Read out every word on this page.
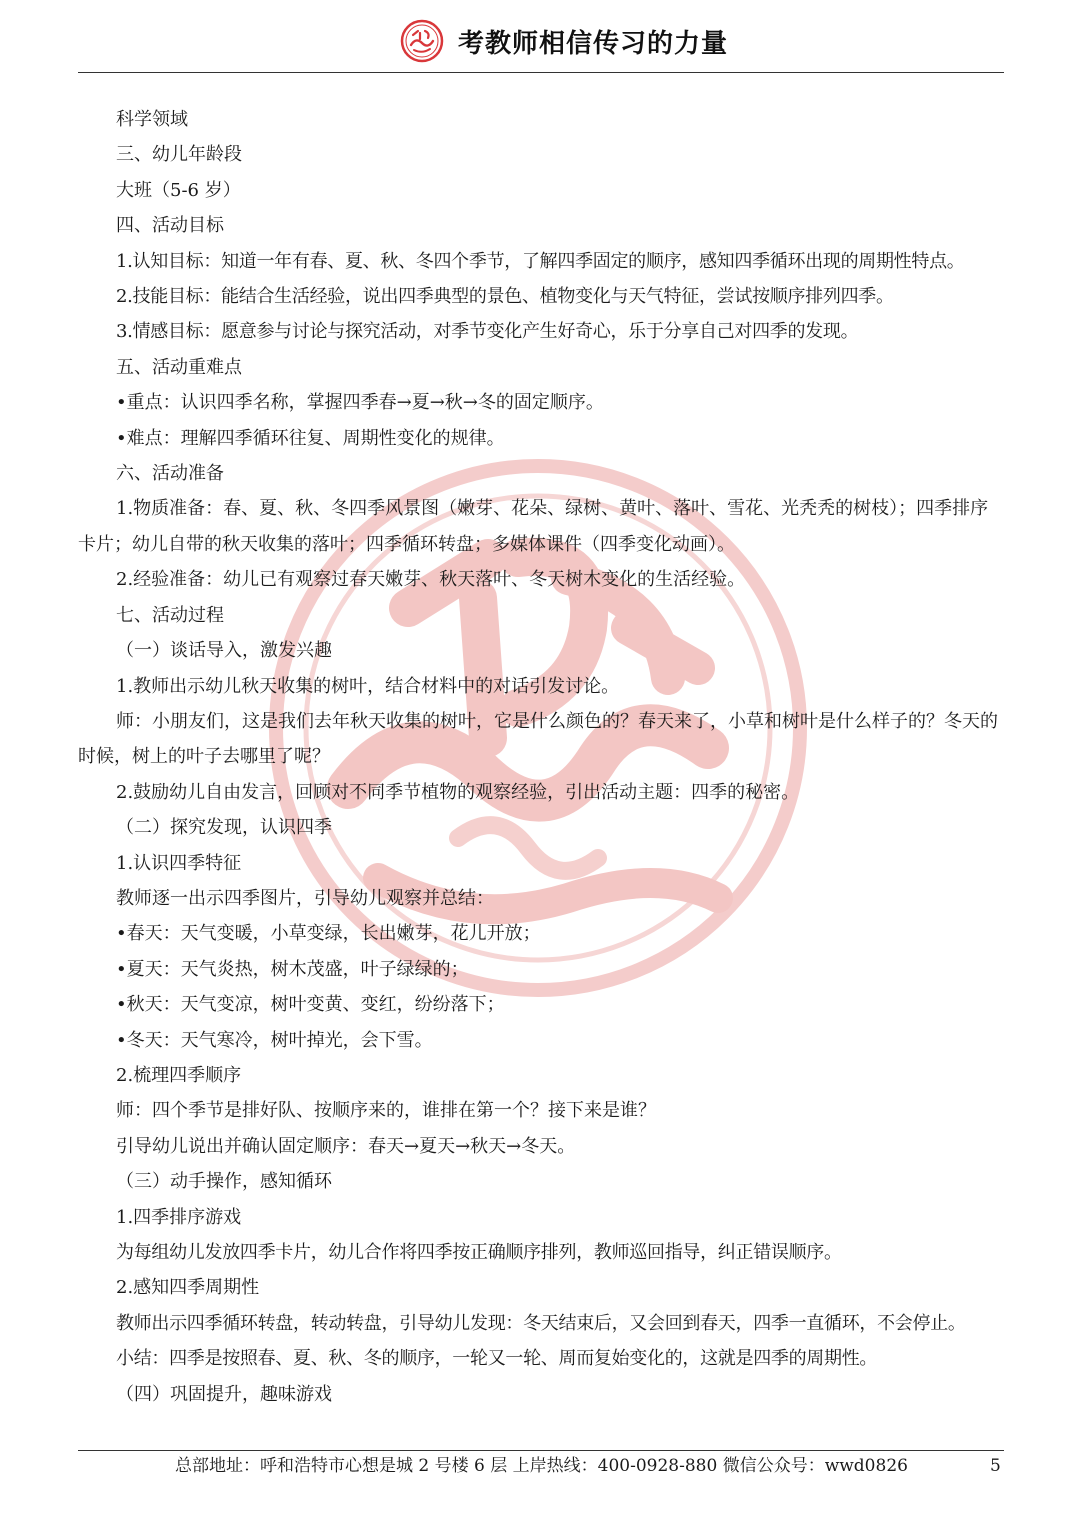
考教师相信传习的力量

科学领域

三、幼儿年龄段

大班（5-6 岁）

四、活动目标

1.认知目标：知道一年有春、夏、秋、冬四个季节，了解四季固定的顺序，感知四季循环出现的周期性特点。

2.技能目标：能结合生活经验，说出四季典型的景色、植物变化与天气特征，尝试按顺序排列四季。

3.情感目标：愿意参与讨论与探究活动，对季节变化产生好奇心，乐于分享自己对四季的发现。

五、活动重难点

•重点：认识四季名称，掌握四季春→夏→秋→冬的固定顺序。

•难点：理解四季循环往复、周期性变化的规律。

六、活动准备

1.物质准备：春、夏、秋、冬四季风景图（嫩芽、花朵、绿树、黄叶、落叶、雪花、光秃秃的树枝）；四季排序卡片；幼儿自带的秋天收集的落叶；四季循环转盘；多媒体课件（四季变化动画）。

2.经验准备：幼儿已有观察过春天嫩芽、秋天落叶、冬天树木变化的生活经验。

七、活动过程

（一）谈话导入，激发兴趣

1.教师出示幼儿秋天收集的树叶，结合材料中的对话引发讨论。

师：小朋友们，这是我们去年秋天收集的树叶，它是什么颜色的？春天来了，小草和树叶是什么样子的？冬天的时候，树上的叶子去哪里了呢？

2.鼓励幼儿自由发言，回顾对不同季节植物的观察经验，引出活动主题：四季的秘密。

（二）探究发现，认识四季

1.认识四季特征

教师逐一出示四季图片，引导幼儿观察并总结：

•春天：天气变暖，小草变绿，长出嫩芽，花儿开放；

•夏天：天气炎热，树木茂盛，叶子绿绿的；

•秋天：天气变凉，树叶变黄、变红，纷纷落下；

•冬天：天气寒冷，树叶掉光，会下雪。

2.梳理四季顺序

师：四个季节是排好队、按顺序来的，谁排在第一个？接下来是谁？

引导幼儿说出并确认固定顺序：春天→夏天→秋天→冬天。

（三）动手操作，感知循环

1.四季排序游戏

为每组幼儿发放四季卡片，幼儿合作将四季按正确顺序排列，教师巡回指导，纠正错误顺序。

2.感知四季周期性

教师出示四季循环转盘，转动转盘，引导幼儿发现：冬天结束后，又会回到春天，四季一直循环，不会停止。

小结：四季是按照春、夏、秋、冬的顺序，一轮又一轮、周而复始变化的，这就是四季的周期性。

（四）巩固提升，趣味游戏

总部地址：呼和浩特市心想是城 2 号楼 6 层 上岸热线：400-0928-880 微信公众号：wwd0826	5
